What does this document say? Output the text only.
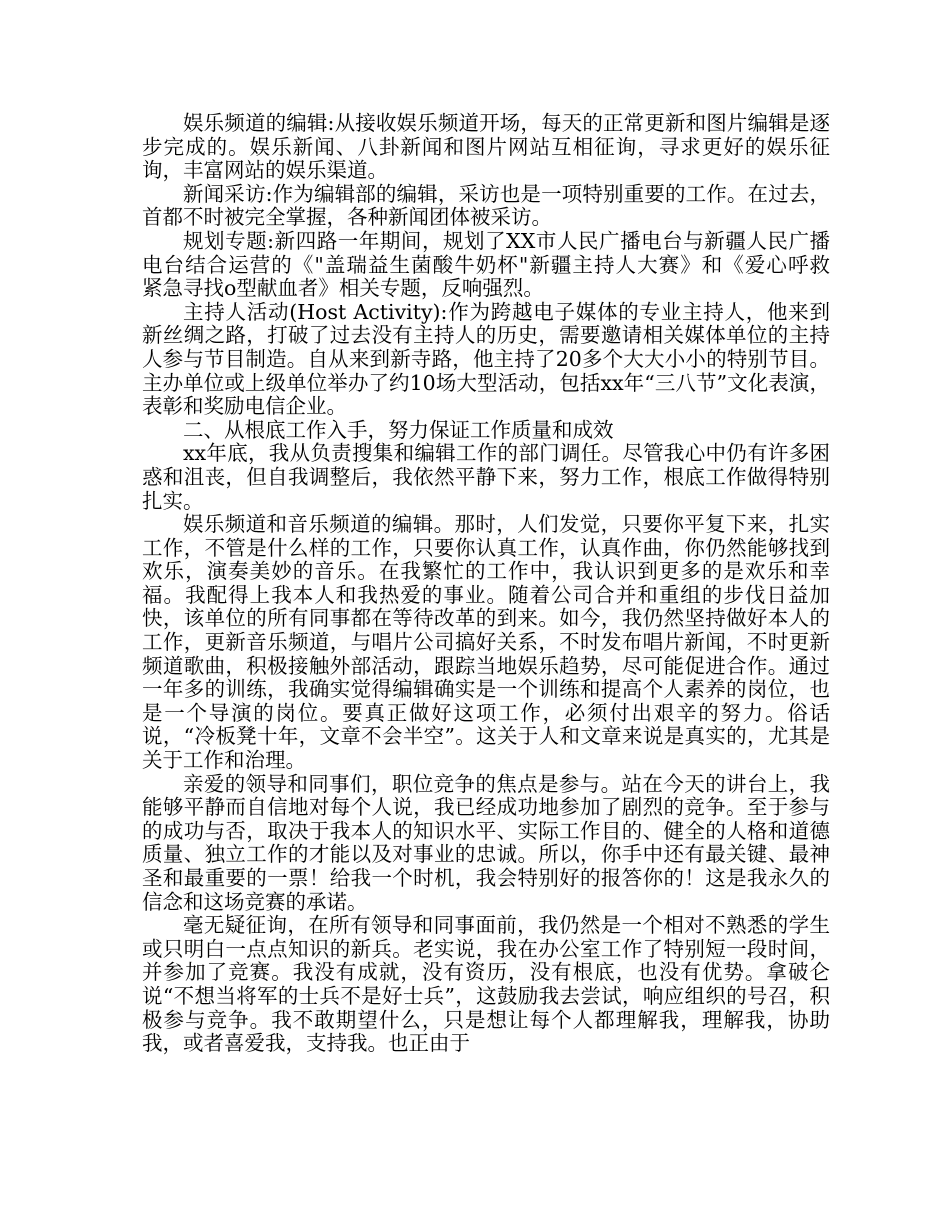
娱乐频道的编辑:从接收娱乐频道开场，每天的正常更新和图片编辑是逐步完成的。娱乐新闻、八卦新闻和图片网站互相征询，寻求更好的娱乐征询，丰富网站的娱乐渠道。

新闻采访:作为编辑部的编辑，采访也是一项特别重要的工作。在过去，首都不时被完全掌握，各种新闻团体被采访。

规划专题:新四路一年期间，规划了XX市人民广播电台与新疆人民广播电台结合运营的《"盖瑞益生菌酸牛奶杯"新疆主持人大赛》和《爱心呼救　紧急寻找o型献血者》相关专题，反响强烈。

主持人活动(Host Activity):作为跨越电子媒体的专业主持人，他来到新丝绸之路，打破了过去没有主持人的历史，需要邀请相关媒体单位的主持人参与节目制造。自从来到新寺路，他主持了20多个大大小小的特别节目。主办单位或上级单位举办了约10场大型活动，包括xx年“三八节”文化表演，表彰和奖励电信企业。

二、从根底工作入手，努力保证工作质量和成效

xx年底，我从负责搜集和编辑工作的部门调任。尽管我心中仍有许多困惑和沮丧，但自我调整后，我依然平静下来，努力工作，根底工作做得特别扎实。

娱乐频道和音乐频道的编辑。那时，人们发觉，只要你平复下来，扎实工作，不管是什么样的工作，只要你认真工作，认真作曲，你仍然能够找到欢乐，演奏美妙的音乐。在我繁忙的工作中，我认识到更多的是欢乐和幸福。我配得上我本人和我热爱的事业。随着公司合并和重组的步伐日益加快，该单位的所有同事都在等待改革的到来。如今，我仍然坚持做好本人的工作，更新音乐频道，与唱片公司搞好关系，不时发布唱片新闻，不时更新频道歌曲，积极接触外部活动，跟踪当地娱乐趋势，尽可能促进合作。通过一年多的训练，我确实觉得编辑确实是一个训练和提高个人素养的岗位，也是一个导演的岗位。要真正做好这项工作，必须付出艰辛的努力。俗话说，“冷板凳十年，文章不会半空”。这关于人和文章来说是真实的，尤其是关于工作和治理。

亲爱的领导和同事们，职位竞争的焦点是参与。站在今天的讲台上，我能够平静而自信地对每个人说，我已经成功地参加了剧烈的竞争。至于参与的成功与否，取决于我本人的知识水平、实际工作目的、健全的人格和道德质量、独立工作的才能以及对事业的忠诚。所以，你手中还有最关键、最神圣和最重要的一票！给我一个时机，我会特别好的报答你的！这是我永久的信念和这场竞赛的承诺。

毫无疑征询，在所有领导和同事面前，我仍然是一个相对不熟悉的学生或只明白一点点知识的新兵。老实说，我在办公室工作了特别短一段时间，并参加了竞赛。我没有成就，没有资历，没有根底，也没有优势。拿破仑说“不想当将军的士兵不是好士兵”，这鼓励我去尝试，响应组织的号召，积极参与竞争。我不敢期望什么，只是想让每个人都理解我，理解我，协助我，或者喜爱我，支持我。也正由于
